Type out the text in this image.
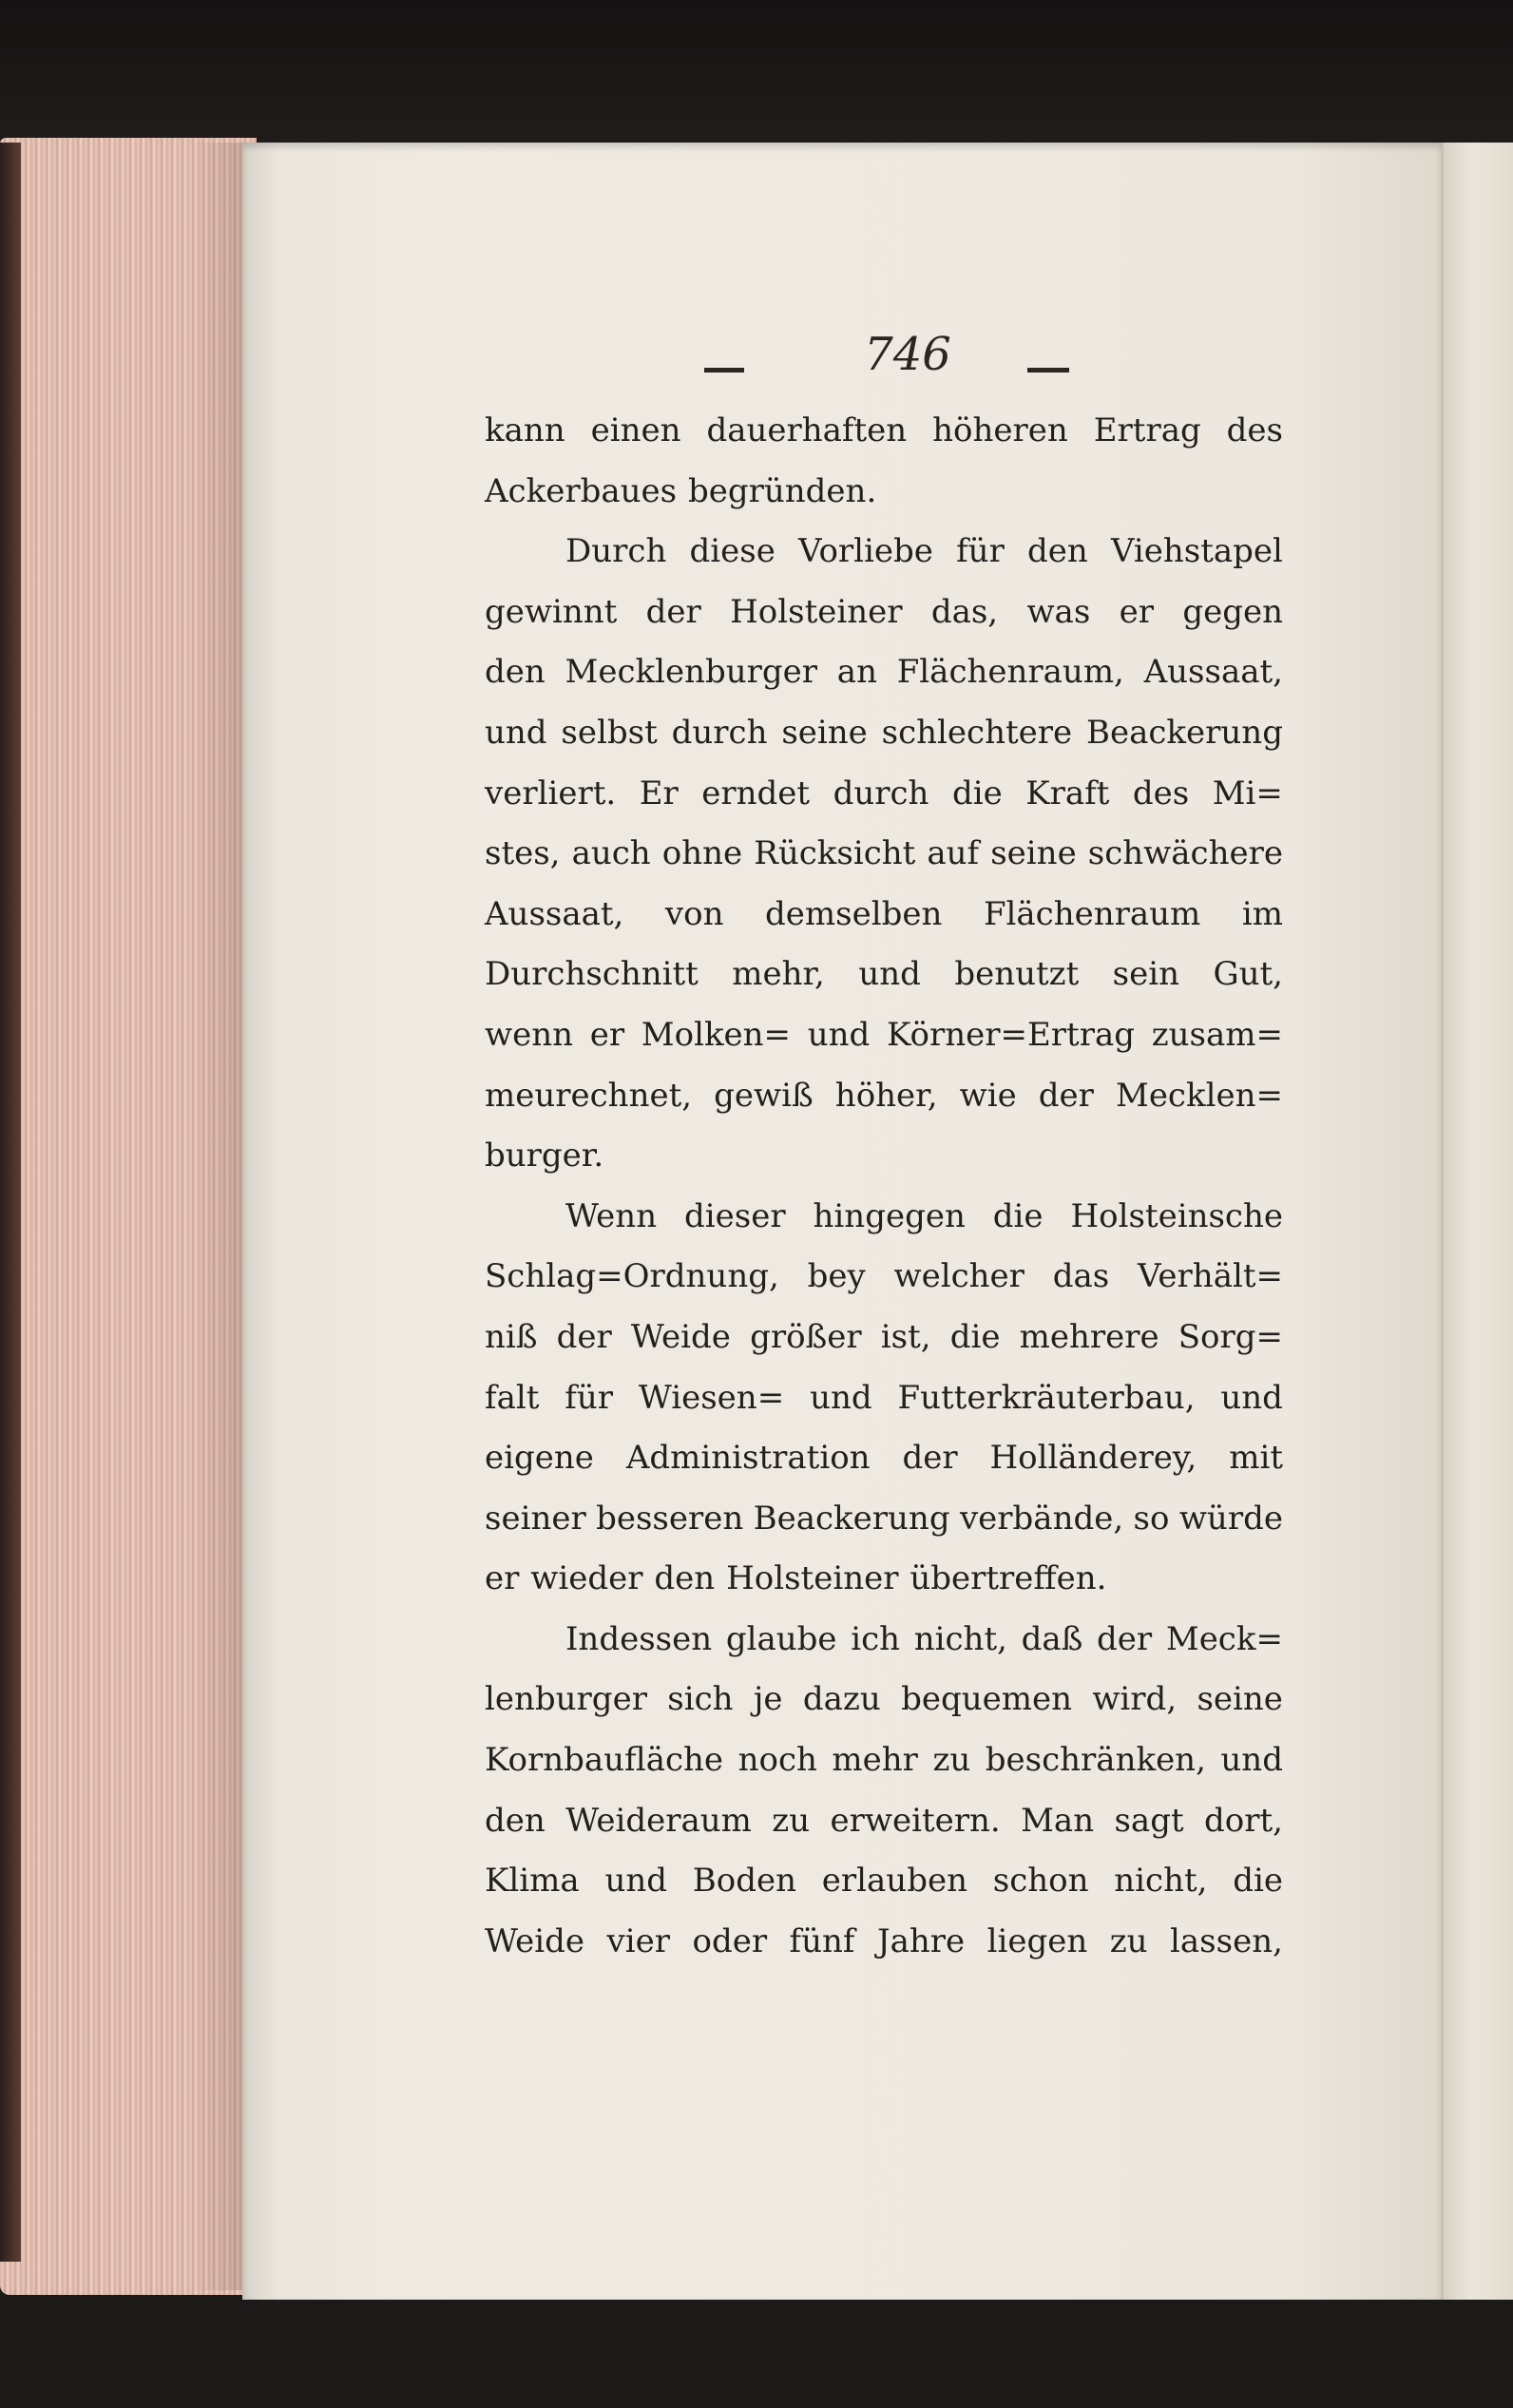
746
kann einen dauerhaften höheren Ertrag des
Ackerbaues begründen.
Durch diese Vorliebe für den Viehstapel
gewinnt der Holsteiner das, was er gegen
den Mecklenburger an Flächenraum, Aussaat,
und selbst durch seine schlechtere Beackerung
verliert. Er erndet durch die Kraft des Mi=
stes, auch ohne Rücksicht auf seine schwächere
Aussaat, von demselben Flächenraum im
Durchschnitt mehr, und benutzt sein Gut,
wenn er Molken= und Körner=Ertrag zusam=
meurechnet, gewiß höher, wie der Mecklen=
burger.
Wenn dieser hingegen die Holsteinsche
Schlag=Ordnung, bey welcher das Verhält=
niß der Weide größer ist, die mehrere Sorg=
falt für Wiesen= und Futterkräuterbau, und
eigene Administration der Holländerey, mit
seiner besseren Beackerung verbände, so würde
er wieder den Holsteiner übertreffen.
Indessen glaube ich nicht, daß der Meck=
lenburger sich je dazu bequemen wird, seine
Kornbaufläche noch mehr zu beschränken, und
den Weideraum zu erweitern. Man sagt dort,
Klima und Boden erlauben schon nicht, die
Weide vier oder fünf Jahre liegen zu lassen,
